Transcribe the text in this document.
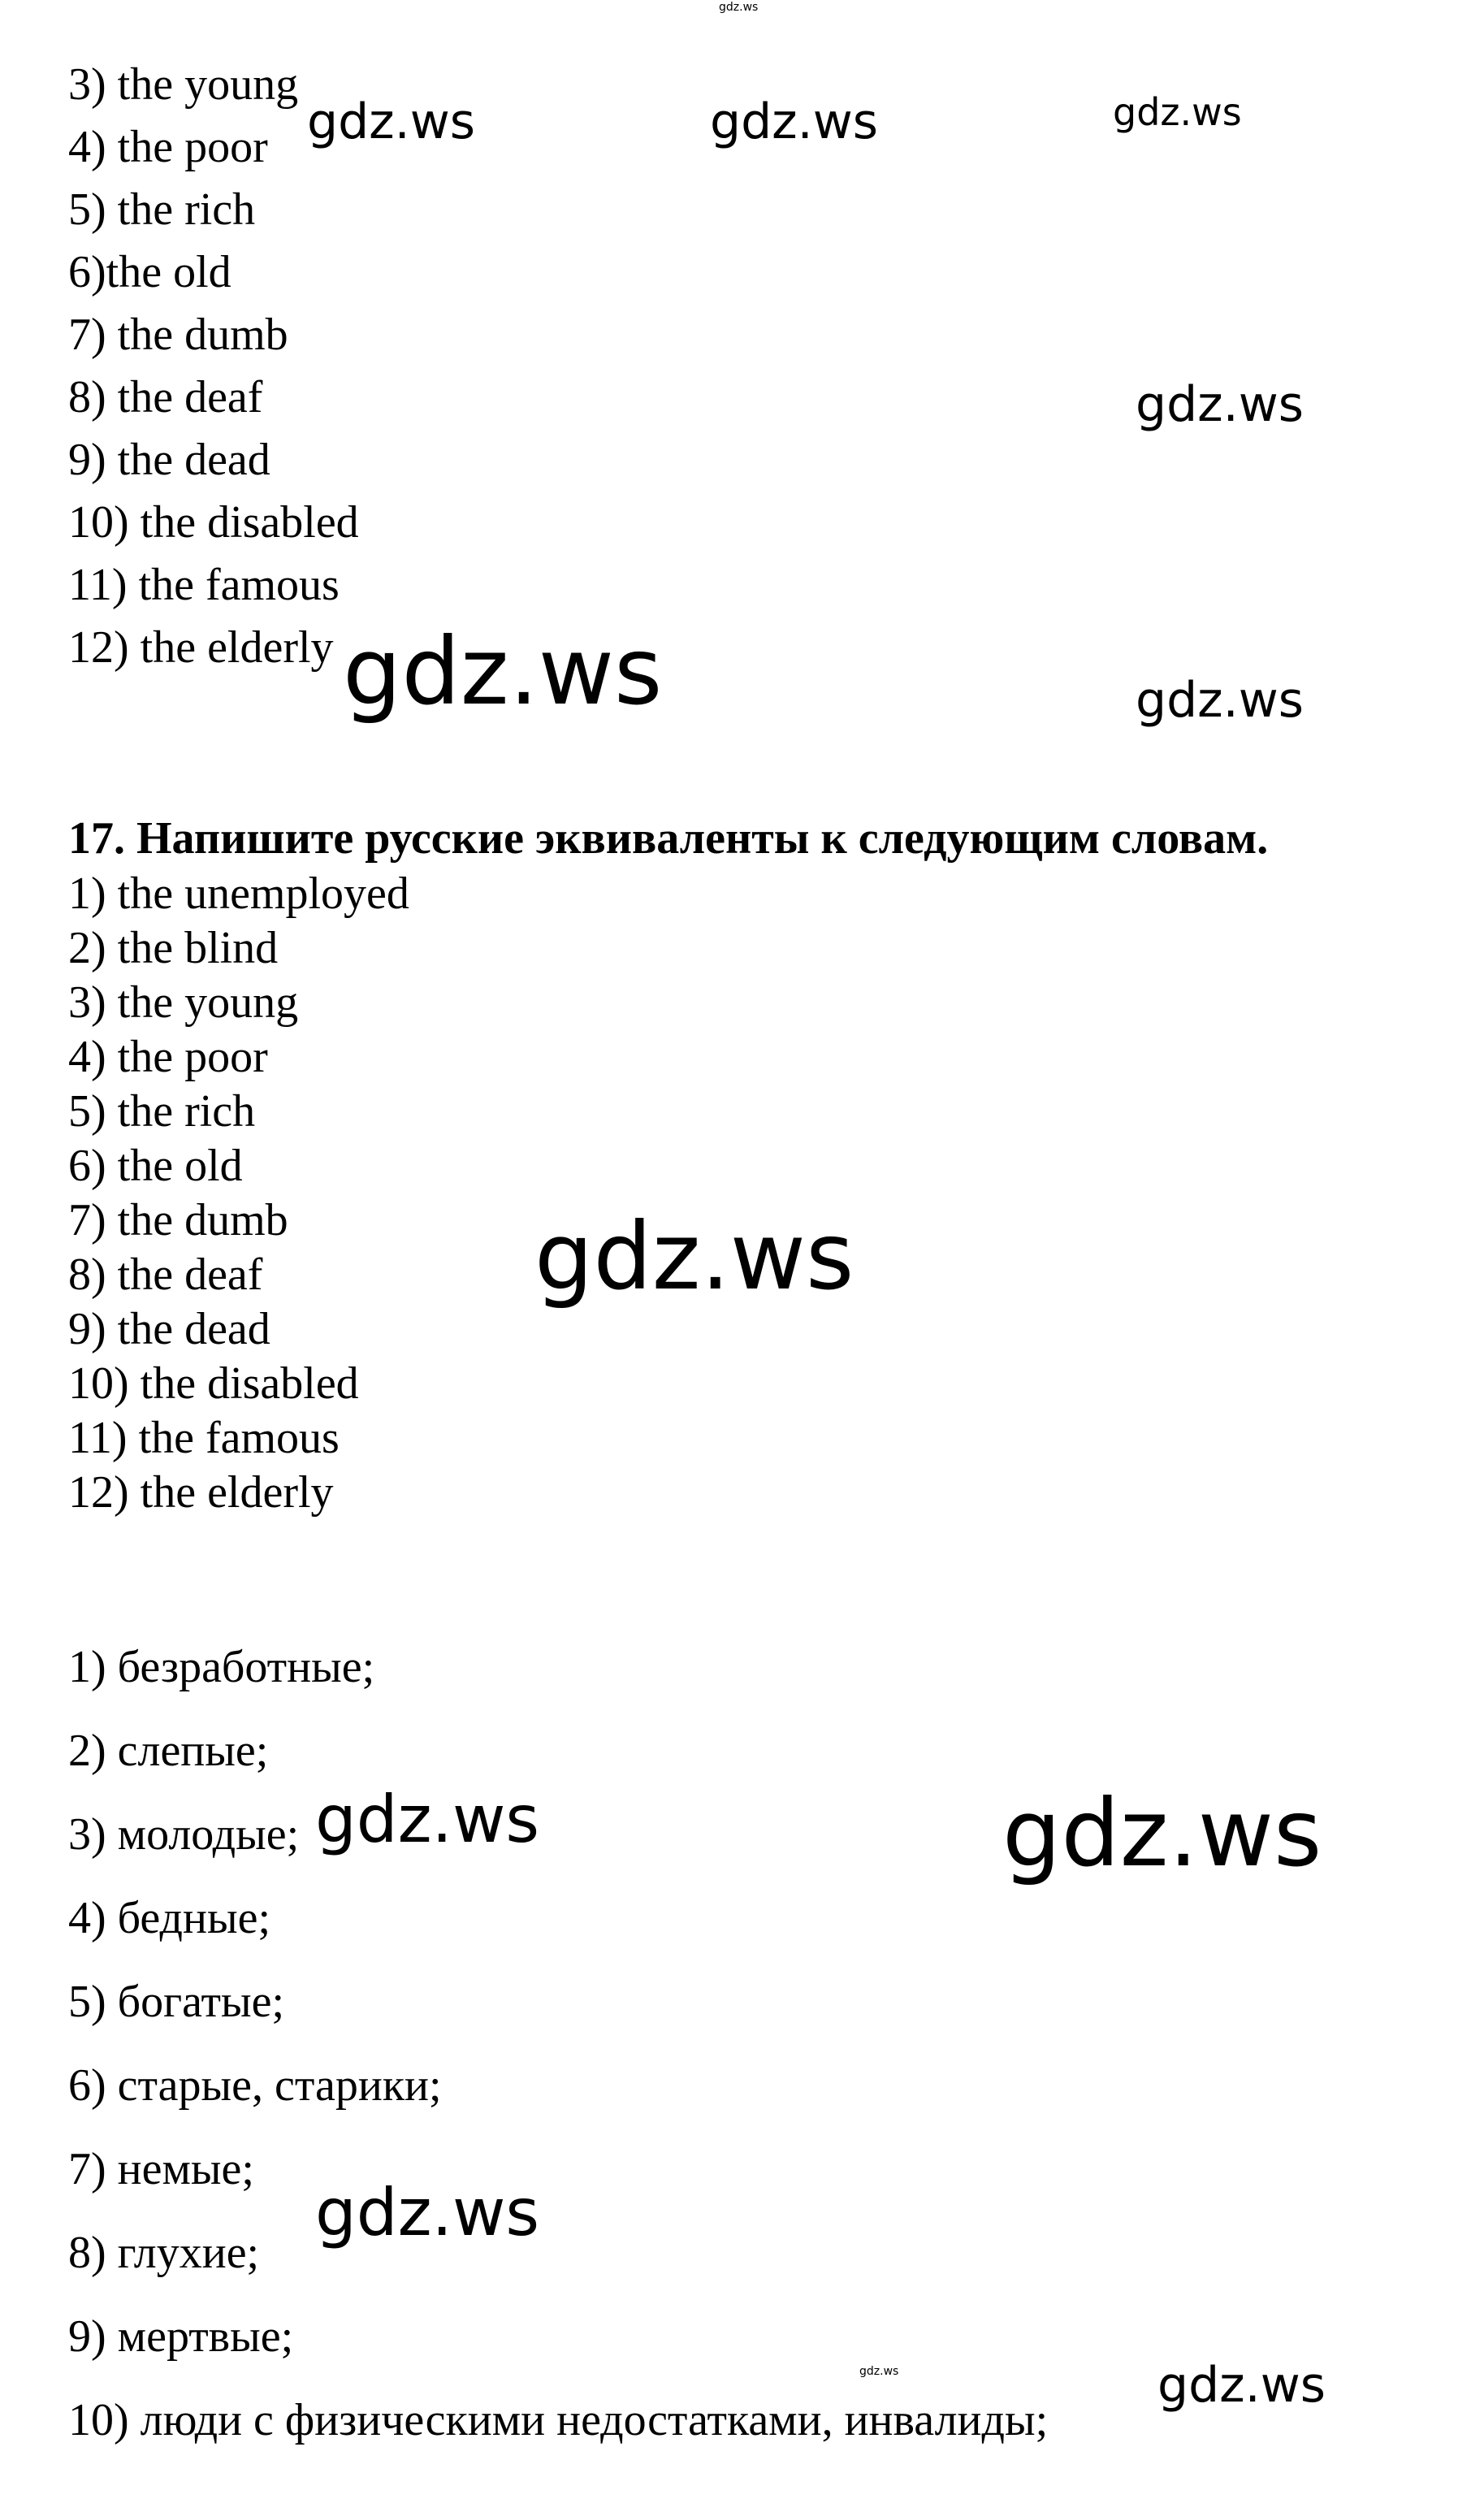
3) the young
4) the poor
5) the rich
6)the old
7) the dumb
8) the deaf
9) the dead
10) the disabled
11) the famous
12) the elderly
17. Напишите русские эквиваленты к следующим словам.
1) the unemployed
2) the blind
3) the young
4) the poor
5) the rich
6) the old
7) the dumb
8) the deaf
9) the dead
10) the disabled
11) the famous
12) the elderly
1) безработные;
2) слепые;
3) молодые;
4) бедные;
5) богатые;
6) старые, старики;
7) немые;
8) глухие;
9) мертвые;
10) люди с физическими недостатками, инвалиды;
gdz.ws
gdz.ws	gdz.ws	gdz.ws
gdz.ws
gdz.ws	gdz.ws
gdz.ws
gdz.ws	gdz.ws
gdz.ws
gdz.ws	gdz.ws
